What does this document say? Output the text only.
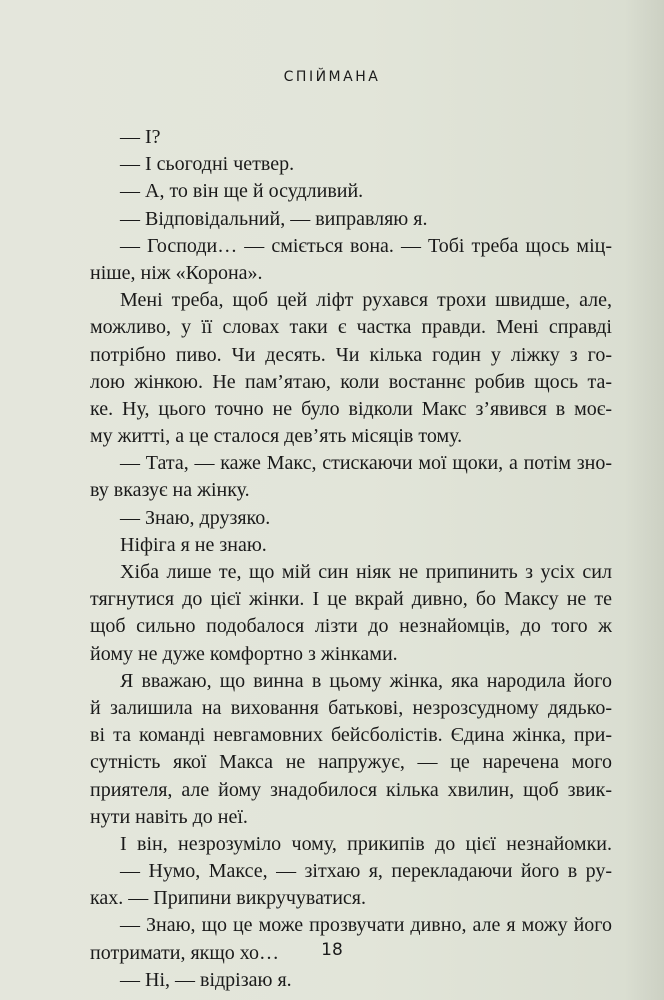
СПІЙМАНА
— І?
— І сьогодні четвер.
— А, то він ще й осудливий.
— Відповідальний, — виправляю я.
— Господи… — сміється вона. — Тобі треба щось міц-
ніше, ніж «Корона».
Мені треба, щоб цей ліфт рухався трохи швидше, але,
можливо, у її словах таки є частка правди. Мені справді
потрібно пиво. Чи десять. Чи кілька годин у ліжку з го-
лою жінкою. Не пам’ятаю, коли востаннє робив щось та-
ке. Ну, цього точно не було відколи Макс з’явився в моє-
му житті, а це сталося дев’ять місяців тому.
— Тата, — каже Макс, стискаючи мої щоки, а потім зно-
ву вказує на жінку.
— Знаю, друзяко.
Ніфіга я не знаю.
Хіба лише те, що мій син ніяк не припинить з усіх сил
тягнутися до цієї жінки. І це вкрай дивно, бо Максу не те
щоб сильно подобалося лізти до незнайомців, до того ж
йому не дуже комфортно з жінками.
Я вважаю, що винна в цьому жінка, яка народила його
й залишила на виховання батькові, незрозсудному дядько-
ві та команді невгамовних бейсболістів. Єдина жінка, при-
сутність якої Макса не напружує, — це наречена мого
приятеля, але йому знадобилося кілька хвилин, щоб звик-
нути навіть до неї.
І він, незрозуміло чому, прикипів до цієї незнайомки.
— Нумо, Максе, — зітхаю я, перекладаючи його в ру-
ках. — Припини викручуватися.
— Знаю, що це може прозвучати дивно, але я можу його
потримати, якщо хо…
— Ні, — відрізаю я.
18
